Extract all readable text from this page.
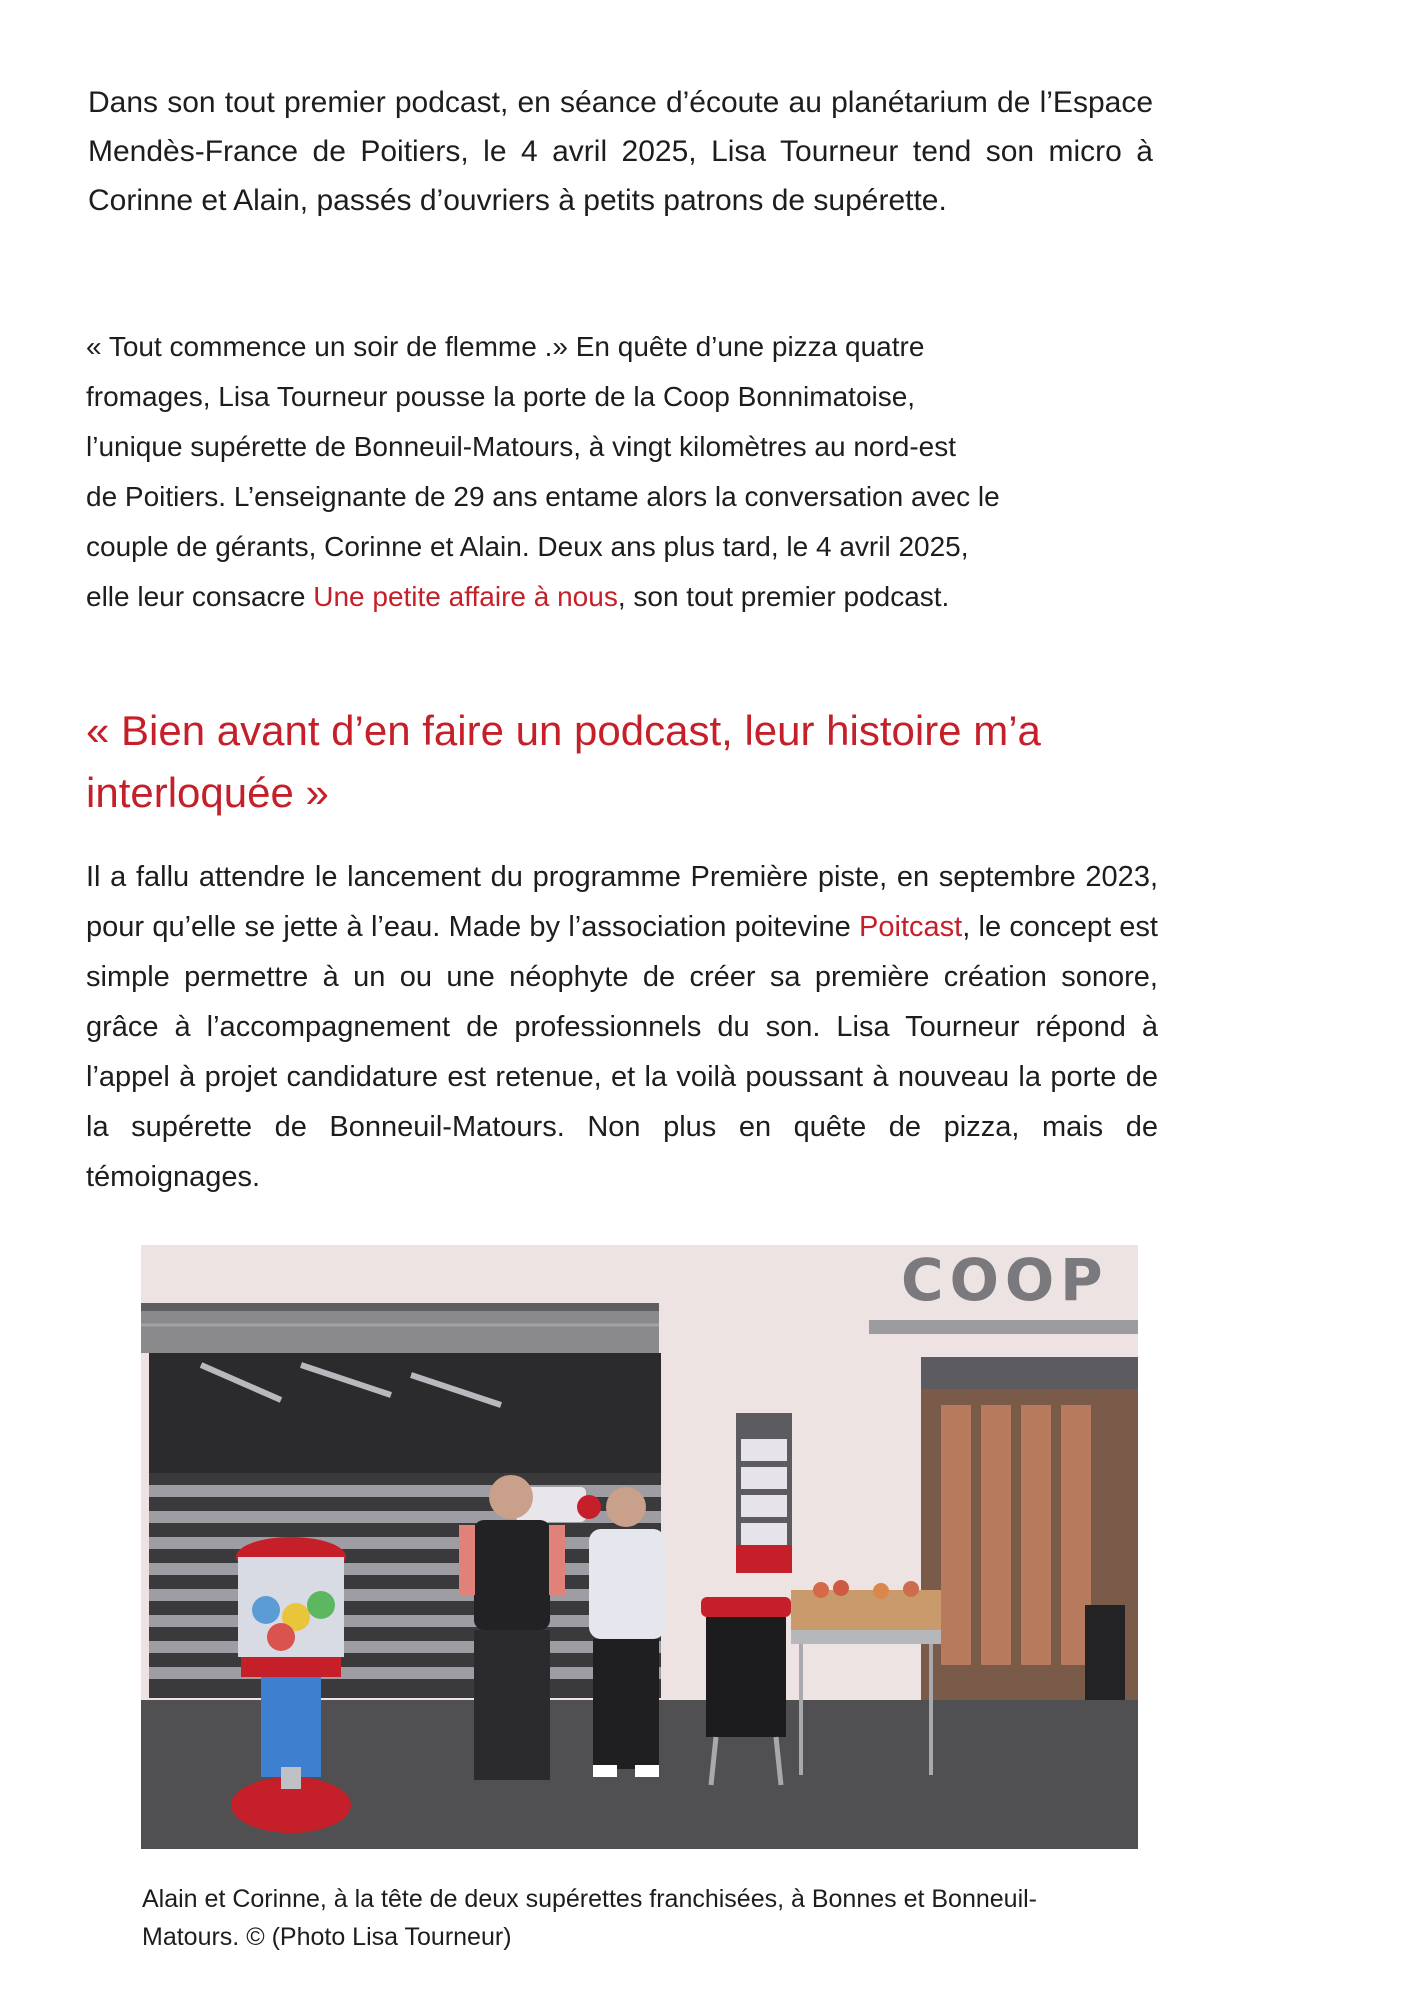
Dans son tout premier podcast, en séance d’écoute au planétarium de l’Espace Mendès-France de Poitiers, le 4 avril 2025, Lisa Tourneur tend son micro à Corinne et Alain, passés d’ouvriers à petits patrons de supérette.

« Tout commence un soir de flemme .» En quête d’une pizza quatre
fromages, Lisa Tourneur pousse la porte de la Coop Bonnimatoise,
l’unique supérette de Bonneuil-Matours, à vingt kilomètres au nord-est
de Poitiers. L’enseignante de 29 ans entame alors la conversation avec le
couple de gérants, Corinne et Alain. Deux ans plus tard, le 4 avril 2025,
elle leur consacre Une petite affaire à nous, son tout premier podcast.

« Bien avant d’en faire un podcast, leur histoire m’a
interloquée »

Il a fallu attendre le lancement du programme Première piste, en septembre 2023, pour qu’elle se jette à l’eau. Made by l’association poitevine Poitcast, le concept est simple permettre à un ou une néophyte de créer sa première création sonore, grâce à l’accompagnement de professionnels du son. Lisa Tourneur répond à l’appel à projet candidature est retenue, et la voilà poussant à nouveau la porte de la supérette de Bonneuil-Matours. Non plus en quête de pizza, mais de témoignages.

COOP

Alain et Corinne, à la tête de deux supérettes franchisées, à Bonnes et Bonneuil-
Matours. © (Photo Lisa Tourneur)
